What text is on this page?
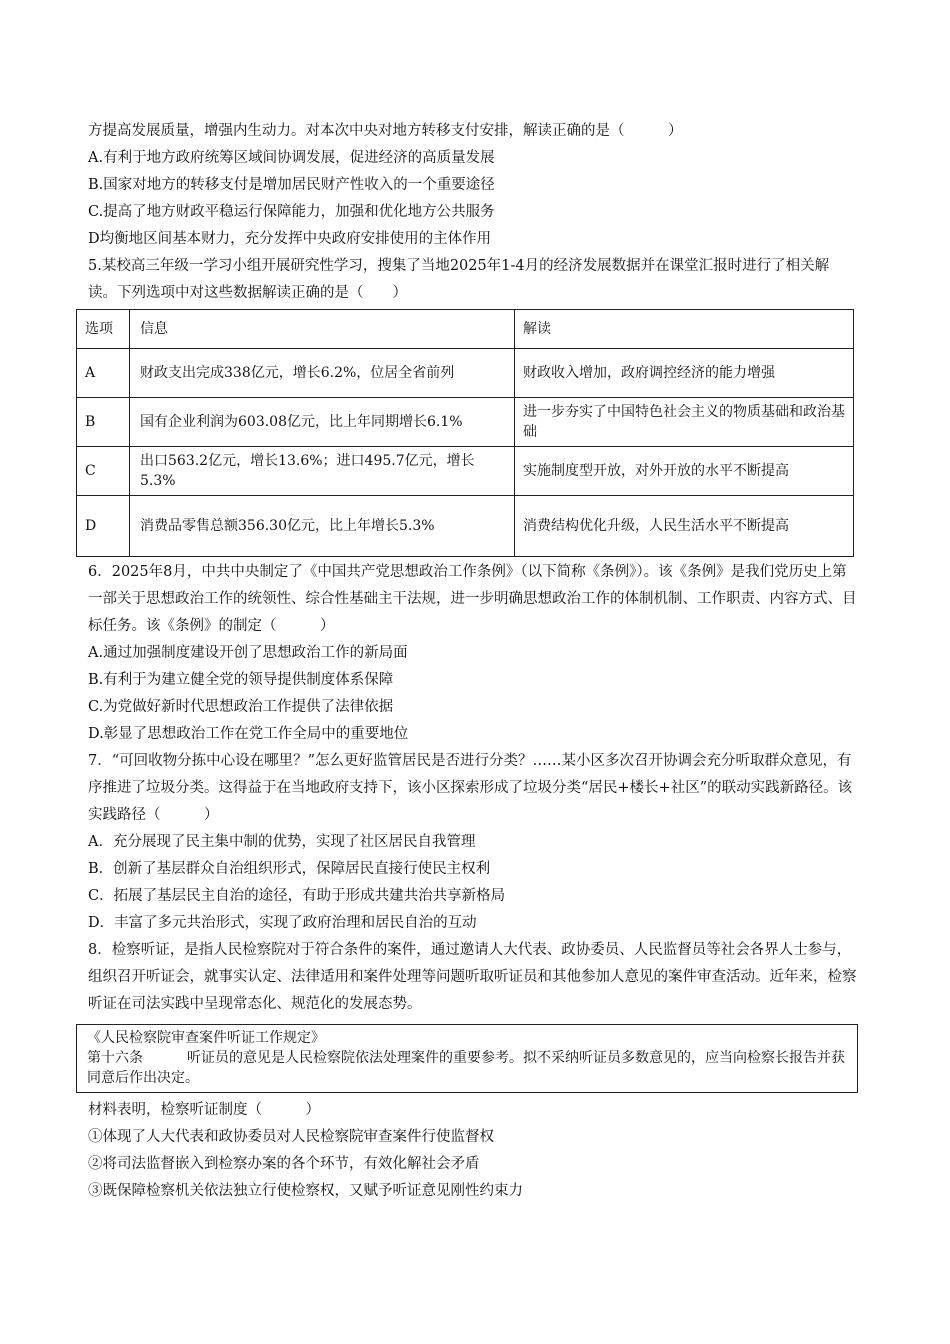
方提高发展质量，增强内生动力。对本次中央对地方转移支付安排，解读正确的是（　　　）
A.有利于地方政府统筹区域间协调发展，促进经济的高质量发展
B.国家对地方的转移支付是增加居民财产性收入的一个重要途径
C.提高了地方财政平稳运行保障能力，加强和优化地方公共服务
D均衡地区间基本财力，充分发挥中央政府安排使用的主体作用
5.某校高三年级一学习小组开展研究性学习，搜集了当地2025年1-4月的经济发展数据并在课堂汇报时进行了相关解读。下列选项中对这些数据解读正确的是（　　）
选项	信息	解读
A	财政支出完成338亿元，增长6.2%，位居全省前列	财政收入增加，政府调控经济的能力增强
B	国有企业利润为603.08亿元，比上年同期增长6.1%	进一步夯实了中国特色社会主义的物质基础和政治基础
C	出口563.2亿元，增长13.6%；进口495.7亿元，增长5.3%	实施制度型开放，对外开放的水平不断提高
D	消费品零售总额356.30亿元，比上年增长5.3%	消费结构优化升级，人民生活水平不断提高
6．2025年8月，中共中央制定了《中国共产党思想政治工作条例》（以下简称《条例》）。该《条例》是我们党历史上第一部关于思想政治工作的统领性、综合性基础主干法规，进一步明确思想政治工作的体制机制、工作职责、内容方式、目标任务。该《条例》的制定（　　　）
A.通过加强制度建设开创了思想政治工作的新局面
B.有利于为建立健全党的领导提供制度体系保障
C.为党做好新时代思想政治工作提供了法律依据
D.彰显了思想政治工作在党工作全局中的重要地位
7．“可回收物分拣中心设在哪里？”怎么更好监管居民是否进行分类？……某小区多次召开协调会充分听取群众意见，有序推进了垃圾分类。这得益于在当地政府支持下，该小区探索形成了垃圾分类“居民+楼长+社区”的联动实践新路径。该实践路径（　　　）
A．充分展现了民主集中制的优势，实现了社区居民自我管理
B．创新了基层群众自治组织形式，保障居民直接行使民主权利
C．拓展了基层民主自治的途径，有助于形成共建共治共享新格局
D．丰富了多元共治形式，实现了政府治理和居民自治的互动
8．检察听证，是指人民检察院对于符合条件的案件，通过邀请人大代表、政协委员、人民监督员等社会各界人士参与，组织召开听证会，就事实认定、法律适用和案件处理等问题听取听证员和其他参加人意见的案件审查活动。近年来，检察听证在司法实践中呈现常态化、规范化的发展态势。
《人民检察院审查案件听证工作规定》
第十六条	听证员的意见是人民检察院依法处理案件的重要参考。拟不采纳听证员多数意见的，应当向检察长报告并获同意后作出决定。
材料表明，检察听证制度（　　　）
①体现了人大代表和政协委员对人民检察院审查案件行使监督权
②将司法监督嵌入到检察办案的各个环节，有效化解社会矛盾
③既保障检察机关依法独立行使检察权，又赋予听证意见刚性约束力
